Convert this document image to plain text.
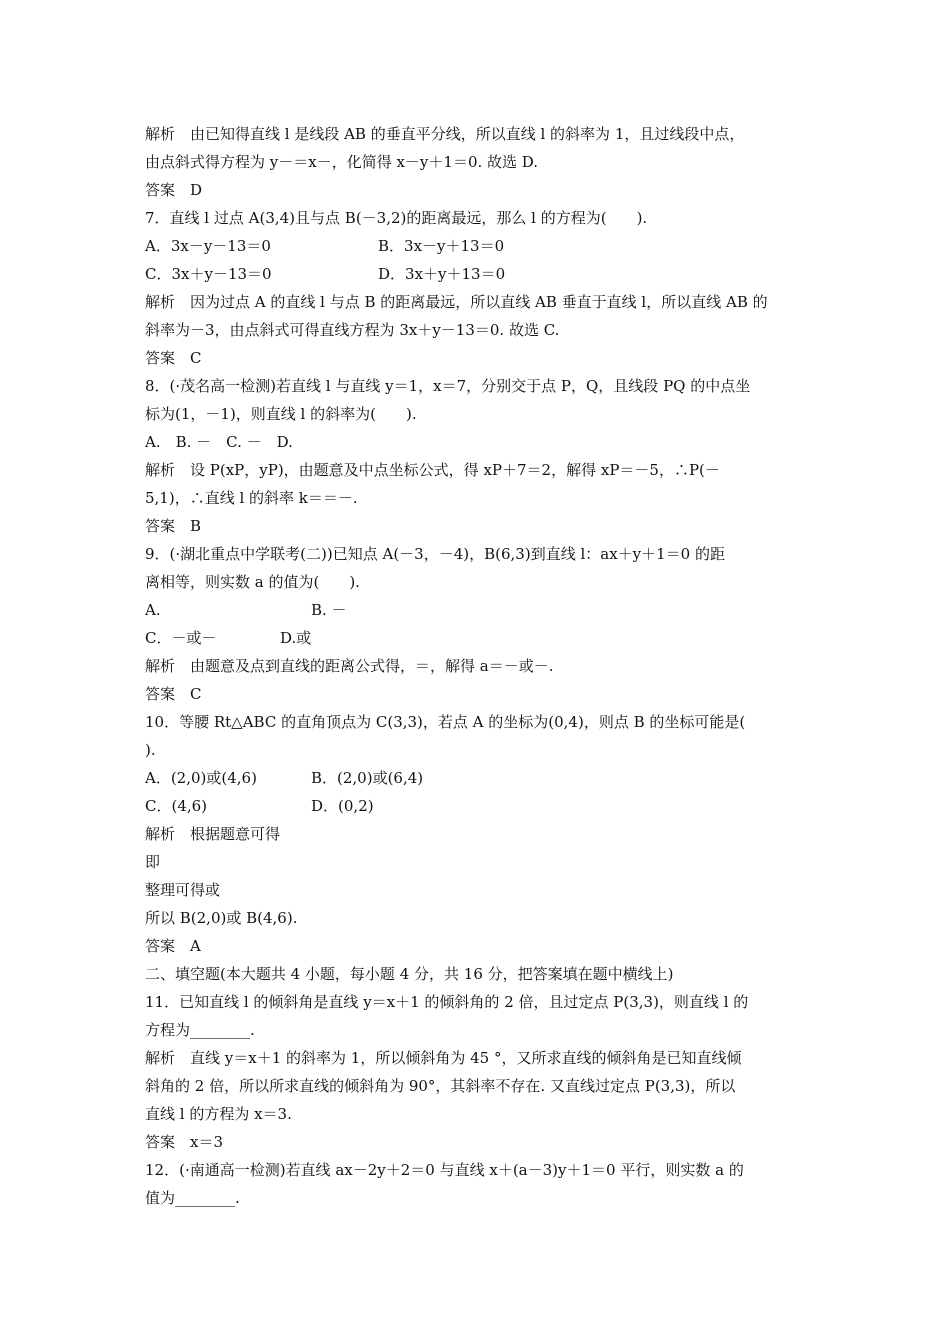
解析　由已知得直线 l 是线段 AB 的垂直平分线，所以直线 l 的斜率为 1，且过线段中点，
由点斜式得方程为 y－＝x－，化简得 x－y＋1＝0. 故选 D.
答案　D
7．直线 l 过点 A(3,4)且与点 B(－3,2)的距离最远，那么 l 的方程为(　　).
A．3x－y－13＝0	B．3x－y＋13＝0
C．3x＋y－13＝0	D．3x＋y＋13＝0
解析　因为过点 A 的直线 l 与点 B 的距离最远，所以直线 AB 垂直于直线 l，所以直线 AB 的
斜率为－3，由点斜式可得直线方程为 3x＋y－13＝0. 故选 C.
答案　C
8．(·茂名高一检测)若直线 l 与直线 y＝1，x＝7，分别交于点 P，Q，且线段 PQ 的中点坐
标为(1，－1)，则直线 l 的斜率为(　　).
A.　B. －　C. －　D.
解析　设 P(xP，yP)，由题意及中点坐标公式，得 xP＋7＝2，解得 xP＝－5，∴P(－
5,1)，∴直线 l 的斜率 k＝＝－.
答案　B
9．(·湖北重点中学联考(二))已知点 A(－3，－4)，B(6,3)到直线 l：ax＋y＋1＝0 的距
离相等，则实数 a 的值为(　　).
A.	B. －
C．－或－	D.或
解析　由题意及点到直线的距离公式得，＝，解得 a＝－或－.
答案　C
10．等腰 Rt△ABC 的直角顶点为 C(3,3)，若点 A 的坐标为(0,4)，则点 B 的坐标可能是(
).
A．(2,0)或(4,6)	B．(2,0)或(6,4)
C．(4,6)	D．(0,2)
解析　根据题意可得
即
整理可得或
所以 B(2,0)或 B(4,6).
答案　A
二、填空题(本大题共 4 小题，每小题 4 分，共 16 分，把答案填在题中横线上)
11．已知直线 l 的倾斜角是直线 y＝x＋1 的倾斜角的 2 倍，且过定点 P(3,3)，则直线 l 的
方程为________.
解析　直线 y＝x＋1 的斜率为 1，所以倾斜角为 45 °，又所求直线的倾斜角是已知直线倾
斜角的 2 倍，所以所求直线的倾斜角为 90°，其斜率不存在. 又直线过定点 P(3,3)，所以
直线 l 的方程为 x＝3.
答案　x＝3
12．(·南通高一检测)若直线 ax－2y＋2＝0 与直线 x＋(a－3)y＋1＝0 平行，则实数 a 的
值为________.
